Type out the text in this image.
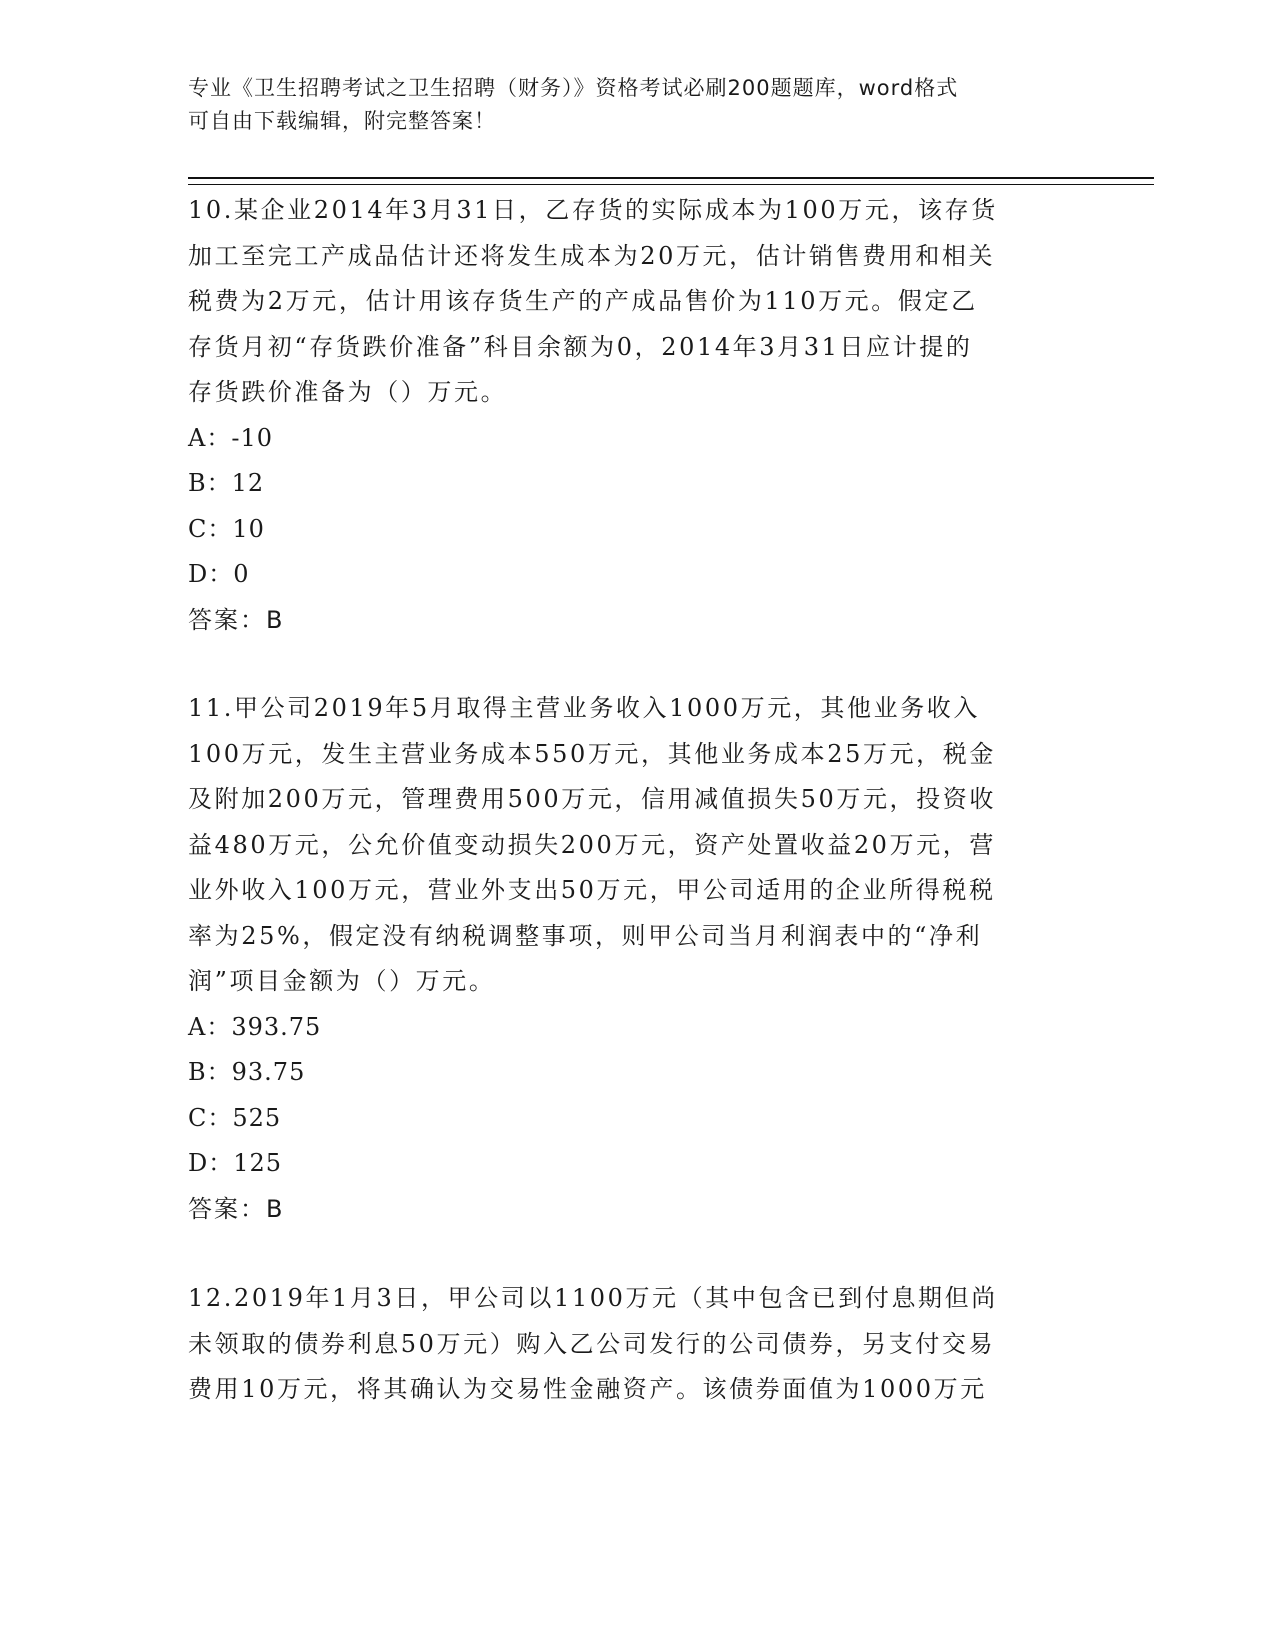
专业《卫生招聘考试之卫生招聘（财务）》资格考试必刷200题题库，word格式
可自由下载编辑，附完整答案！
10.某企业2014年3月31日，乙存货的实际成本为100万元，该存货
加工至完工产成品估计还将发生成本为20万元，估计销售费用和相关
税费为2万元，估计用该存货生产的产成品售价为110万元。假定乙
存货月初“存货跌价准备”科目余额为0，2014年3月31日应计提的
存货跌价准备为（）万元。
A：-10
B：12
C：10
D：0
答案：B
11.甲公司2019年5月取得主营业务收入1000万元，其他业务收入
100万元，发生主营业务成本550万元，其他业务成本25万元，税金
及附加200万元，管理费用500万元，信用减值损失50万元，投资收
益480万元，公允价值变动损失200万元，资产处置收益20万元，营
业外收入100万元，营业外支出50万元，甲公司适用的企业所得税税
率为25%，假定没有纳税调整事项，则甲公司当月利润表中的“净利
润”项目金额为（）万元。
A：393.75
B：93.75
C：525
D：125
答案：B
12.2019年1月3日，甲公司以1100万元（其中包含已到付息期但尚
未领取的债券利息50万元）购入乙公司发行的公司债券，另支付交易
费用10万元，将其确认为交易性金融资产。该债券面值为1000万元
